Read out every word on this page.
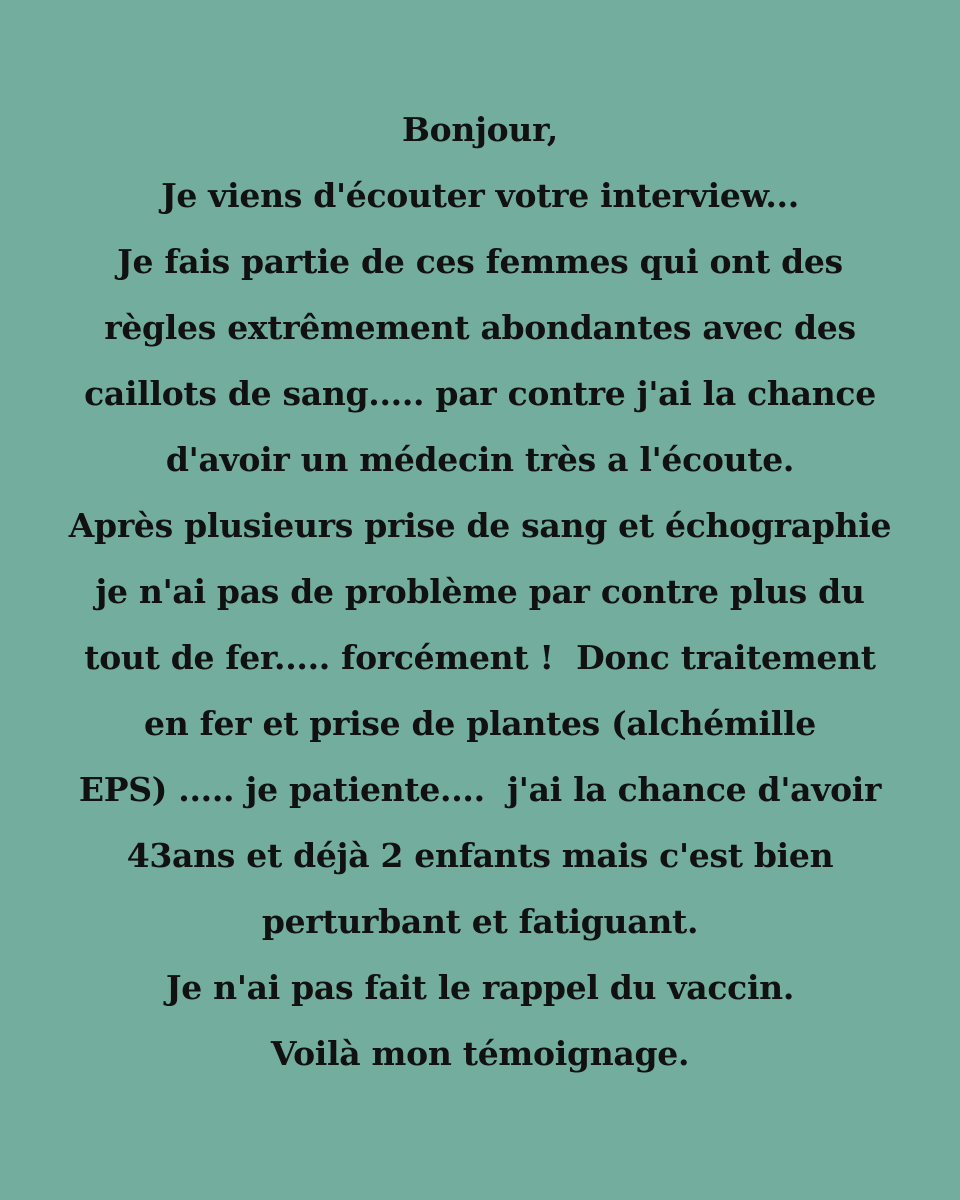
Bonjour,
Je viens d'écouter votre interview...
Je fais partie de ces femmes qui ont des
règles extrêmement abondantes avec des
caillots de sang..... par contre j'ai la chance
d'avoir un médecin très a l'écoute.
Après plusieurs prise de sang et échographie
je n'ai pas de problème par contre plus du
tout de fer..... forcément !  Donc traitement
en fer et prise de plantes (alchémille
EPS) ..... je patiente....  j'ai la chance d'avoir
43ans et déjà 2 enfants mais c'est bien
perturbant et fatiguant.
Je n'ai pas fait le rappel du vaccin.
Voilà mon témoignage.
